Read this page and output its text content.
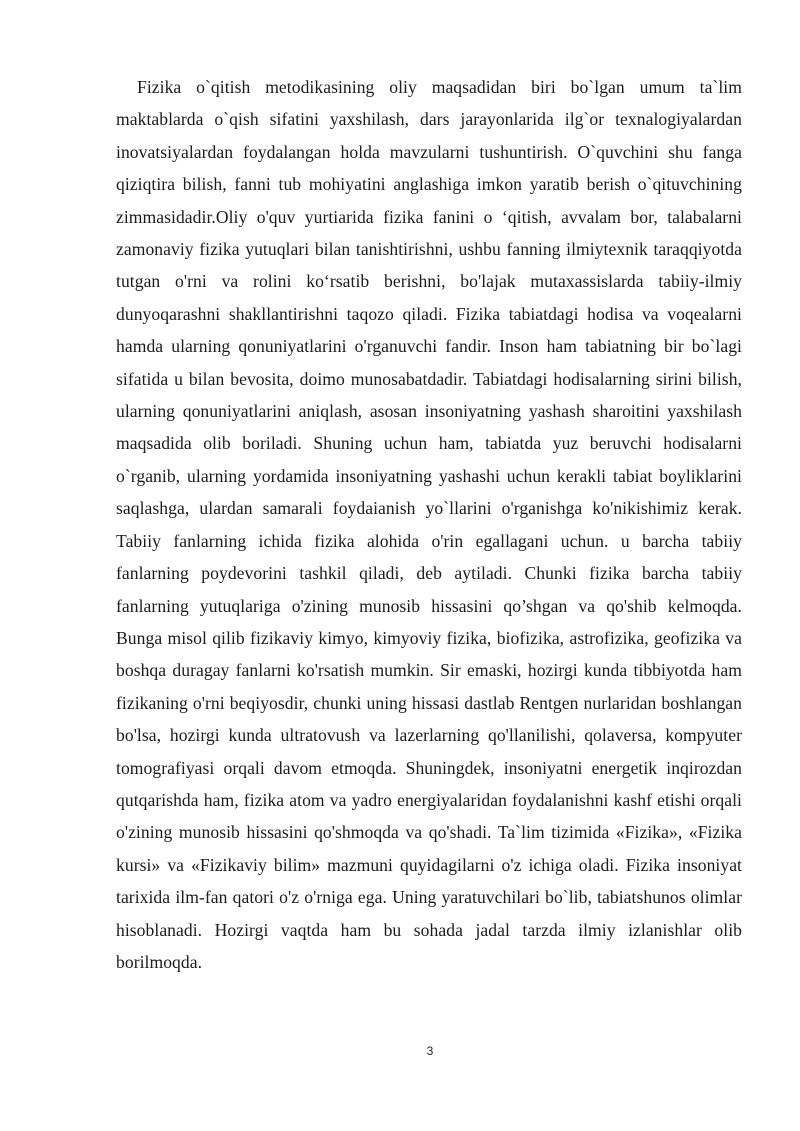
Fizika o`qitish metodikasining oliy maqsadidan biri bo`lgan umum ta`lim maktablarda o`qish sifatini yaxshilash, dars jarayonlarida ilg`or texnalogiyalardan inovatsiyalardan foydalangan holda mavzularni tushuntirish. O`quvchini shu fanga qiziqtira bilish, fanni tub mohiyatini anglashiga imkon yaratib berish o`qituvchining zimmasidadir.Oliy o'quv yurtiarida fizika fanini o ‘qitish, avvalam bor, talabalarni zamonaviy fizika yutuqlari bilan tanishtirishni, ushbu fanning ilmiytexnik taraqqiyotda tutgan o'rni va rolini ko‘rsatib berishni, bo'lajak mutaxassislarda tabiiy-ilmiy dunyoqarashni shakllantirishni taqozo qiladi. Fizika tabiatdagi hodisa va voqealarni hamda ularning qonuniyatlarini o'rganuvchi fandir. Inson ham tabiatning bir bo`lagi sifatida u bilan bevosita, doimo munosabatdadir. Tabiatdagi hodisalarning sirini bilish, ularning qonuniyatlarini aniqlash, asosan insoniyatning yashash sharoitini yaxshilash maqsadida olib boriladi. Shuning uchun ham, tabiatda yuz beruvchi hodisalarni o`rganib, ularning yordamida insoniyatning yashashi uchun kerakli tabiat boyliklarini saqlashga, ulardan samarali foydaianish yo`llarini o'rganishga ko'nikishimiz kerak. Tabiiy fanlarning ichida fizika alohida o'rin egallagani uchun. u barcha tabiiy fanlarning poydevorini tashkil qiladi, deb aytiladi. Chunki fizika barcha tabiiy fanlarning yutuqlariga o'zining munosib hissasini qo’shgan va qo'shib kelmoqda. Bunga misol qilib fizikaviy kimyo, kimyoviy fizika, biofizika, astrofizika, geofizika va boshqa duragay fanlarni ko'rsatish mumkin. Sir emaski, hozirgi kunda tibbiyotda ham fizikaning o'rni beqiyosdir, chunki uning hissasi dastlab Rentgen nurlaridan boshlangan bo'lsa, hozirgi kunda ultratovush va lazerlarning qo'llanilishi, qolaversa, kompyuter tomografiyasi orqali davom etmoqda. Shuningdek, insoniyatni energetik inqirozdan qutqarishda ham, fizika atom va yadro energiyalaridan foydalanishni kashf etishi orqali o'zining munosib hissasini qo'shmoqda va qo'shadi. Ta`lim tizimida «Fizika», «Fizika kursi» va «Fizikaviy bilim» mazmuni quyidagilarni o'z ichiga oladi. Fizika insoniyat tarixida ilm-fan qatori o'z o'rniga ega. Uning yaratuvchilari bo`lib, tabiatshunos olimlar hisoblanadi. Hozirgi vaqtda ham bu sohada jadal tarzda ilmiy izlanishlar olib borilmoqda.

3
